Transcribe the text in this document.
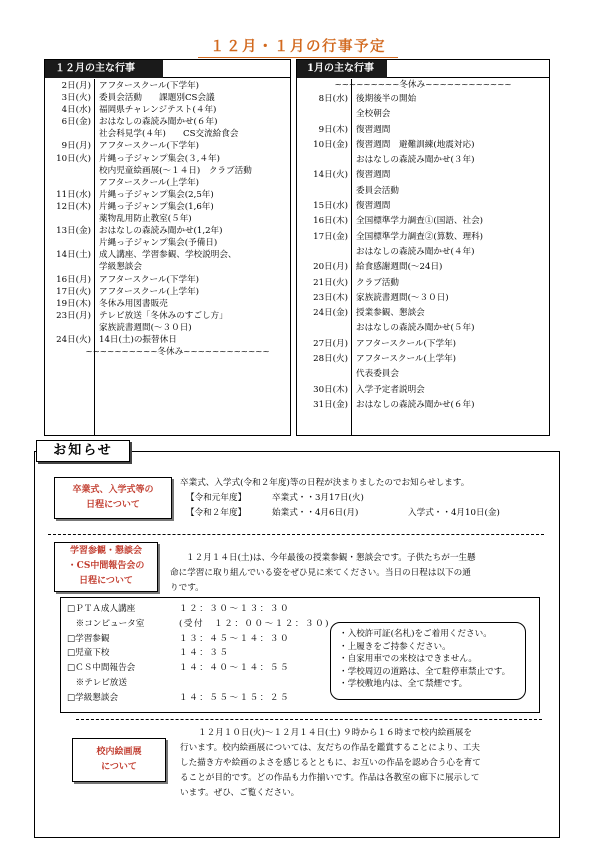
１２月・１月の行事予定
１２月の主な行事
2日(月) アフタースクール(下学年)
3日(火) 委員会活動　　課題別CS会議
4日(水) 福岡県チャレンジテスト(４年)
6日(金) おはなしの森読み聞かせ(６年)
社会科見学(４年)　　CS交流給食会
9日(月) アフタースクール(下学年)
10日(火) 片縄っ子ジャンプ集会(３,４年)
校内児童絵画展(～１４日)　クラブ活動
アフタースクール(上学年)
11日(水) 片縄っ子ジャンプ集会(2,5年)
12日(木) 片縄っ子ジャンプ集会(1,6年)
薬物乱用防止教室(５年)
13日(金) おはなしの森読み聞かせ(1,2年)
片縄っ子ジャンプ集会(予備日)
14日(土) 成人講座、学習参観、学校説明会、
学級懇談会
16日(月) アフタースクール(下学年)
17日(火) アフタースクール(上学年)
19日(木) 冬休み用図書販売
23日(月) テレビ放送「冬休みのすごし方」
家族読書週間(～３０日)
24日(火) 14日(土)の振替休日
~~~~~~~~~~冬休み~~~~~~~~~~~~
1月の主な行事
~~~~~~~~~冬休み~~~~~~~~~~~~
8日(水) 後期後半の開始
全校朝会
9日(木) 復習週間
10日(金) 復習週間　避難訓練(地震対応)
おはなしの森読み聞かせ(３年)
14日(火) 復習週間
委員会活動
15日(水) 復習週間
16日(木) 全国標準学力調査①(国語、社会)
17日(金) 全国標準学力調査②(算数、理科)
おはなしの森読み聞かせ(４年)
20日(月) 給食感謝週間(～24日)
21日(火) クラブ活動
23日(木) 家族読書週間(～３０日)
24日(金) 授業参観、懇談会
おはなしの森読み聞かせ(５年)
27日(月) アフタースクール(下学年)
28日(火) アフタースクール(上学年)
代表委員会
30日(木) 入学予定者説明会
31日(金) おはなしの森読み聞かせ(６年)
お知らせ
卒業式、入学式等の
日程について
卒業式、入学式(令和２年度)等の日程が決まりましたのでお知らせします。
【令和元年度】	卒業式・・3月17日(火)
【令和２年度】	始業式・・4月6日(月)	入学式・・4月10日(金)
学習参観・懇談会
・CS中間報告会の
日程について
１２月１４日(土)は、今年最後の授業参観・懇談会です。子供たちが一生懸
命に学習に取り組んでいる姿をぜひ見に来てください。当日の日程は以下の通
りです。
□ＰＴＡ成人講座	１２：３０～１３：３０
　※コンピュータ室	(受付　１２：００～１２：３０)
□学習参観	１３：４５～１４：３０
□児童下校	１４：３５
□ＣＳ中間報告会	１４：４０～１４：５５
　※テレビ放送
□学級懇談会	１４：５５～１５：２５
・入校許可証(名札)をご着用ください。
・上履きをご持参ください。
・自家用車での来校はできません。
・学校周辺の道路は、全て駐停車禁止です。
・学校敷地内は、全て禁煙です。
校内絵画展
について
１２月１０日(火)～１２月１４日(土) ９時から１６時まで校内絵画展を
行います。校内絵画展については、友だちの作品を鑑賞することにより、工夫
した描き方や絵画のよさを感じるとともに、お互いの作品を認め合う心を育て
ることが目的です。どの作品も力作揃いです。作品は各教室の廊下に展示して
います。ぜひ、ご覧ください。
